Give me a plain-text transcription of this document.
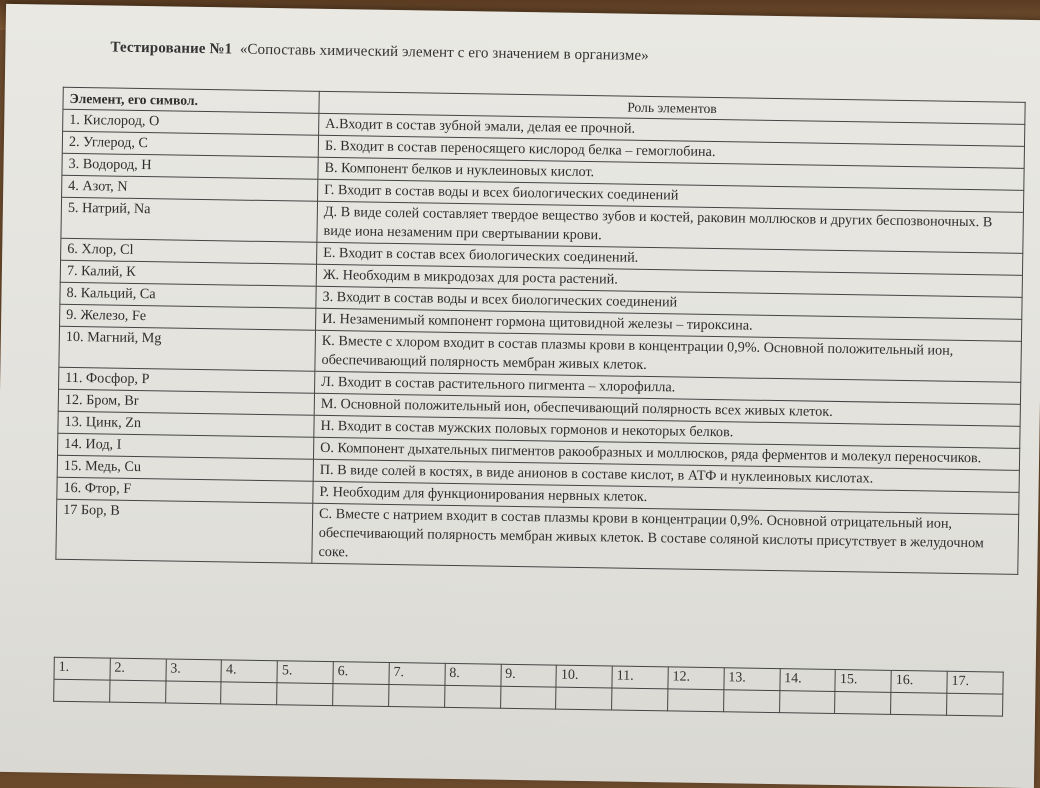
Тестирование №1 «Сопоставь химический элемент с его значением в организме»
Элемент, его символ.	Роль элементов
1. Кислород, О	А.Входит в состав зубной эмали, делая ее прочной.
2. Углерод, С	Б. Входит в состав переносящего кислород белка – гемоглобина.
3. Водород, Н	В. Компонент белков и нуклеиновых кислот.
4. Азот, N	Г. Входит в состав воды и всех биологических соединений
5. Натрий, Na	Д. В виде солей составляет твердое вещество зубов и костей, раковин моллюсков и других беспозвоночных. В виде иона незаменим при свертывании крови.
6. Хлор, Cl	Е. Входит в состав всех биологических соединений.
7. Калий, К	Ж. Необходим в микродозах для роста растений.
8. Кальций, Са	З. Входит в состав воды и всех биологических соединений
9. Железо, Fe	И. Незаменимый компонент гормона щитовидной железы – тироксина.
10. Магний, Mg	К. Вместе с хлором входит в состав плазмы крови в концентрации 0,9%. Основной положительный ион, обеспечивающий полярность мембран живых клеток.
11. Фосфор, Р	Л. Входит в состав растительного пигмента – хлорофилла.
12. Бром, Br	М. Основной положительный ион, обеспечивающий полярность всех живых клеток.
13. Цинк, Zn	Н. Входит в состав мужских половых гормонов и некоторых белков.
14. Иод, I	О. Компонент дыхательных пигментов ракообразных и моллюсков, ряда ферментов и молекул переносчиков.
15. Медь, Cu	П. В виде солей в костях, в виде анионов в составе кислот, в АТФ и нуклеиновых кислотах.
16. Фтор, F	Р. Необходим для функционирования нервных клеток.
17 Бор, В	С. Вместе с натрием входит в состав плазмы крови в концентрации 0,9%. Основной отрицательный ион, обеспечивающий полярность мембран живых клеток. В составе соляной кислоты присутствует в желудочном соке.
1.	2.	3.	4.	5.	6.	7.	8.	9.	10.	11.	12.	13.	14.	15.	16.	17.
